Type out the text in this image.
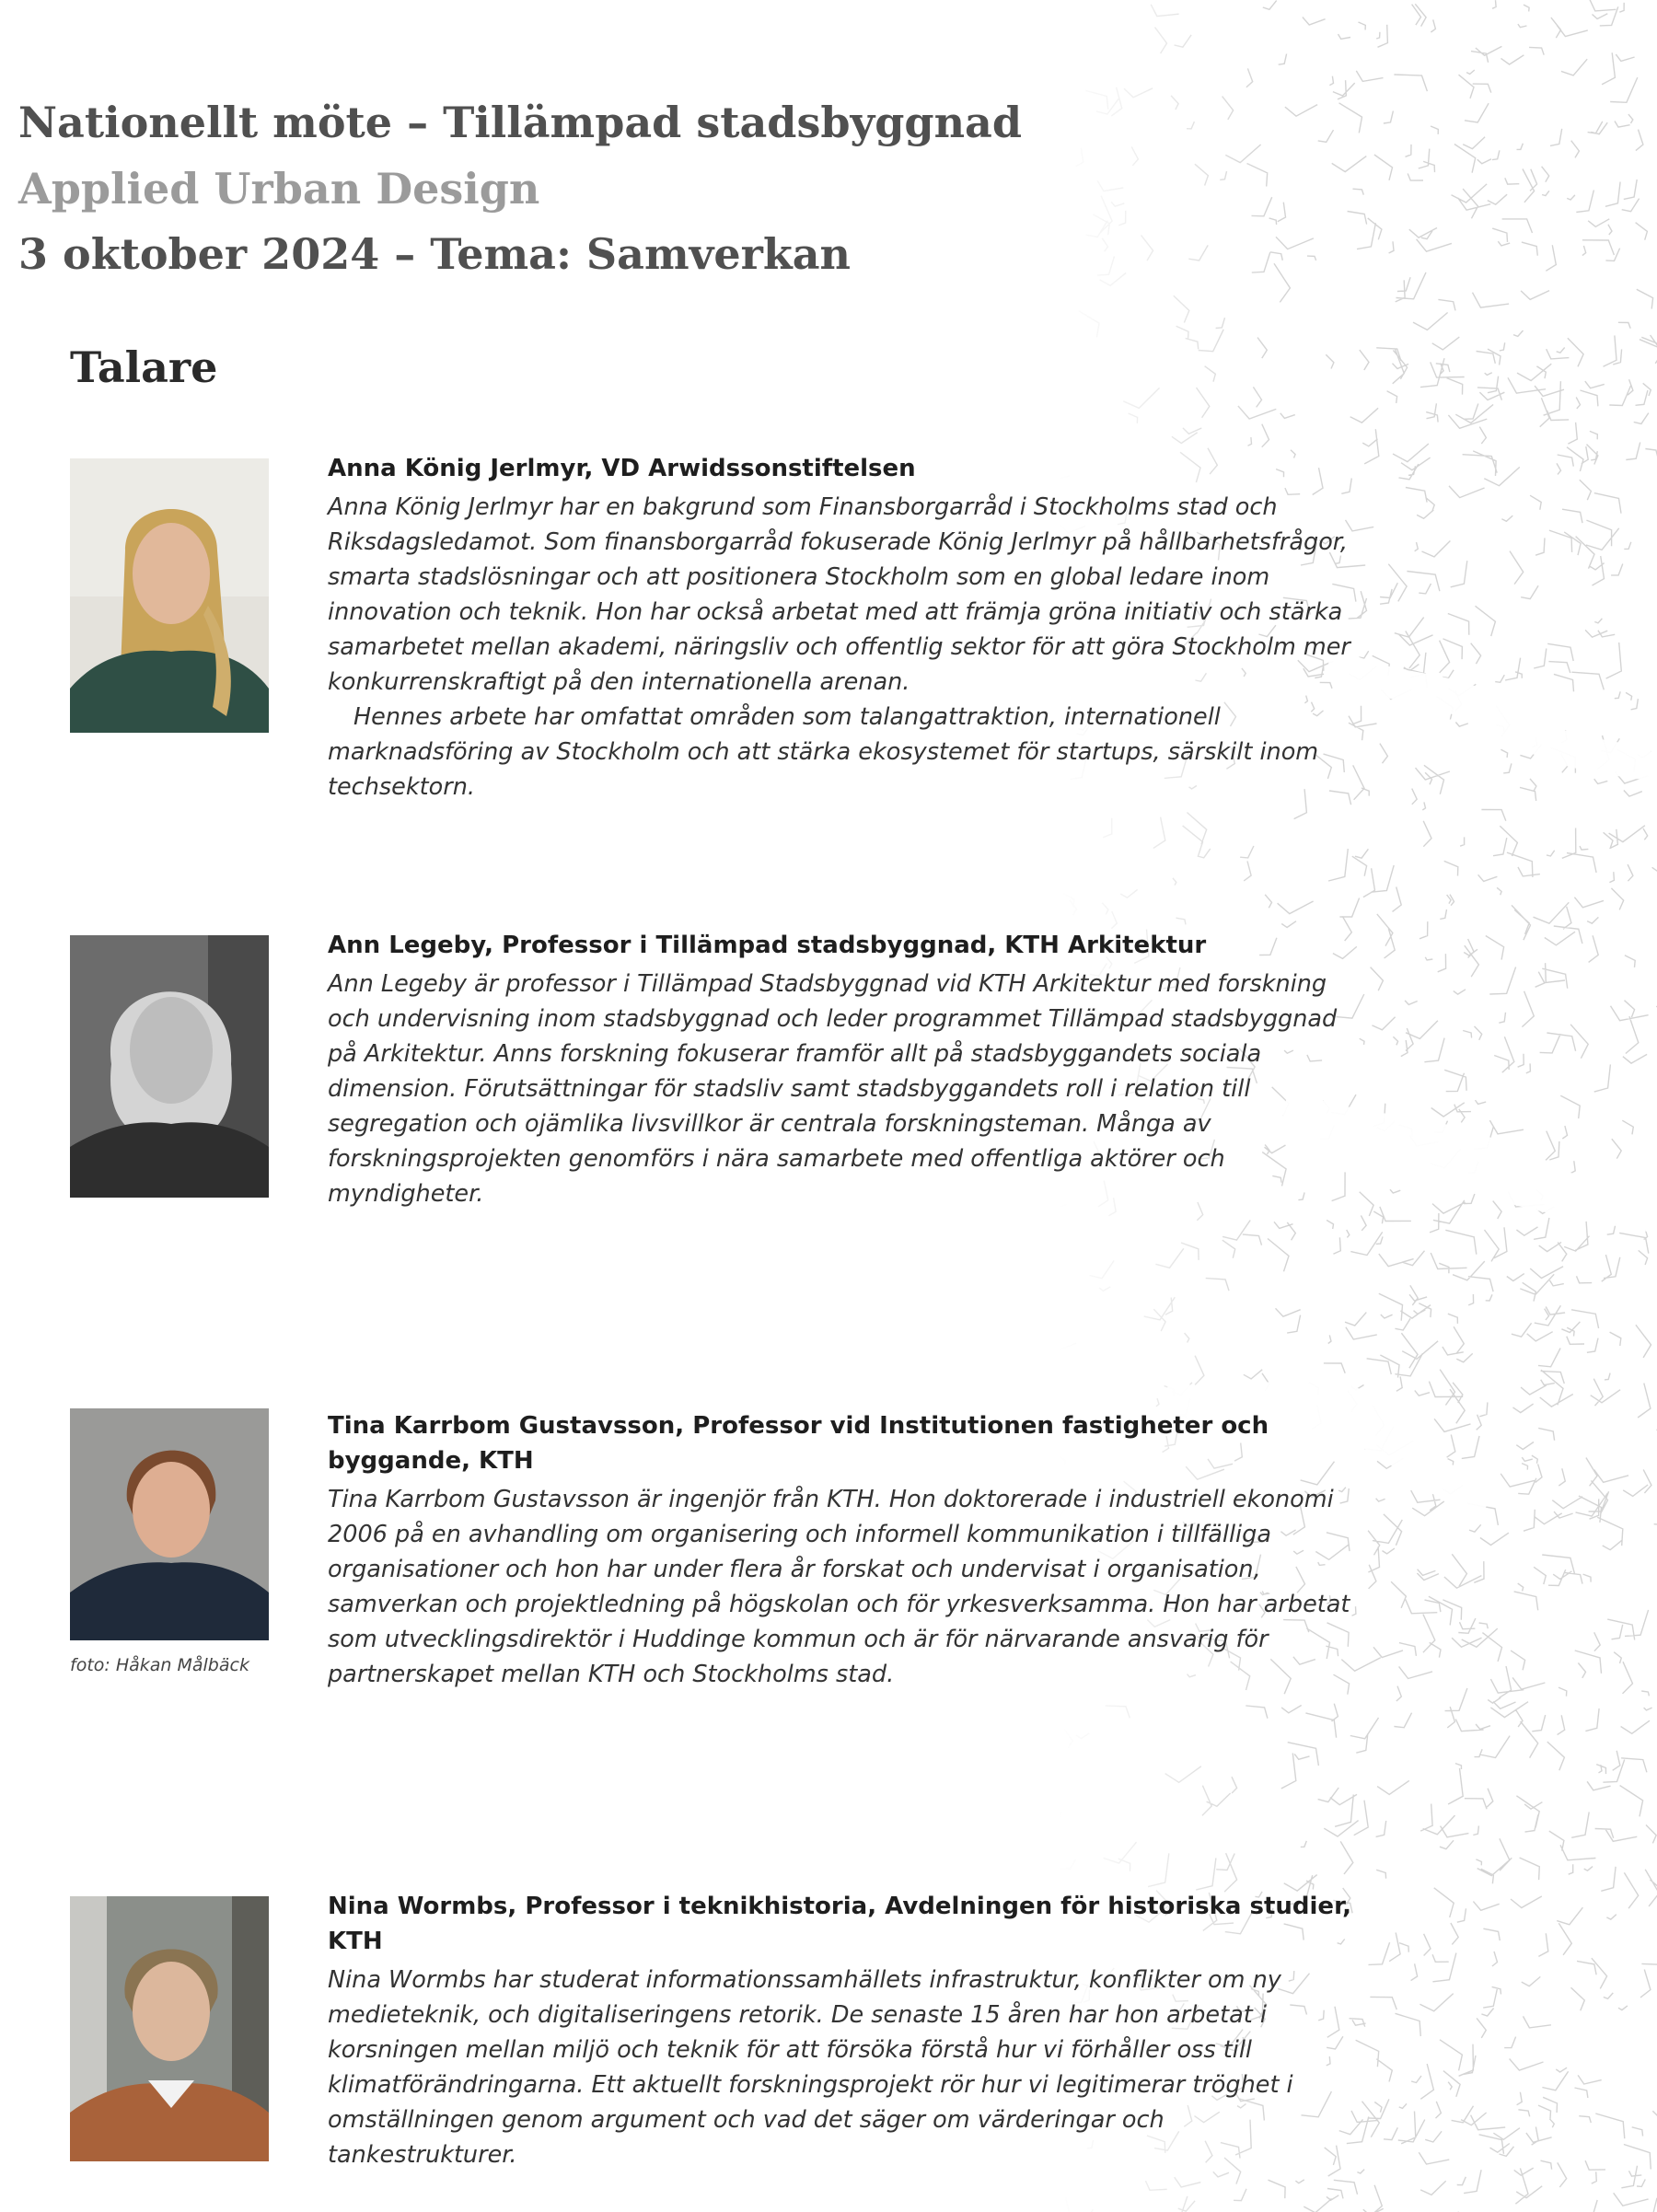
Nationellt möte – Tillämpad stadsbyggnad
Applied Urban Design
3 oktober 2024 – Tema: Samverkan
Talare

Anna König Jerlmyr, VD Arwidssonstiftelsen

Anna König Jerlmyr har en bakgrund som Finansborgarråd i Stockholms stad och Riksdagsledamot. Som finansborgarråd fokuserade König Jerlmyr på hållbarhetsfrågor, smarta stadslösningar och att positionera Stockholm som en global ledare inom innovation och teknik. Hon har också arbetat med att främja gröna initiativ och stärka samarbetet mellan akademi, näringsliv och offentlig sektor för att göra Stockholm mer konkurrenskraftigt på den internationella arenan.

Hennes arbete har omfattat områden som talangattraktion, internationell marknadsföring av Stockholm och att stärka ekosystemet för startups, särskilt inom techsektorn.

Ann Legeby, Professor i Tillämpad stadsbyggnad, KTH Arkitektur

Ann Legeby är professor i Tillämpad Stadsbyggnad vid KTH Arkitektur med forskning och undervisning inom stadsbyggnad och leder programmet Tillämpad stadsbyggnad på Arkitektur. Anns forskning fokuserar framför allt på stadsbyggandets sociala dimension. Förutsättningar för stadsliv samt stadsbyggandets roll i relation till segregation och ojämlika livsvillkor är centrala forskningsteman. Många av forskningsprojekten genomförs i nära samarbete med offentliga aktörer och myndigheter.

foto: Håkan Målbäck

Tina Karrbom Gustavsson, Professor vid Institutionen fastigheter och byggande, KTH

Tina Karrbom Gustavsson är ingenjör från KTH. Hon doktorerade i industriell ekonomi 2006 på en avhandling om organisering och informell kommunikation i tillfälliga organisationer och hon har under flera år forskat och undervisat i organisation, samverkan och projektledning på högskolan och för yrkesverksamma. Hon har arbetat som utvecklingsdirektör i Huddinge kommun och är för närvarande ansvarig för partnerskapet mellan KTH och Stockholms stad.

Nina Wormbs, Professor i teknikhistoria, Avdelningen för historiska studier, KTH

Nina Wormbs har studerat informationssamhällets infrastruktur, konflikter om ny medieteknik, och digitaliseringens retorik. De senaste 15 åren har hon arbetat i korsningen mellan miljö och teknik för att försöka förstå hur vi förhåller oss till klimatförändringarna. Ett aktuellt forskningsprojekt rör hur vi legitimerar tröghet i omställningen genom argument och vad det säger om värderingar och tankestrukturer.
